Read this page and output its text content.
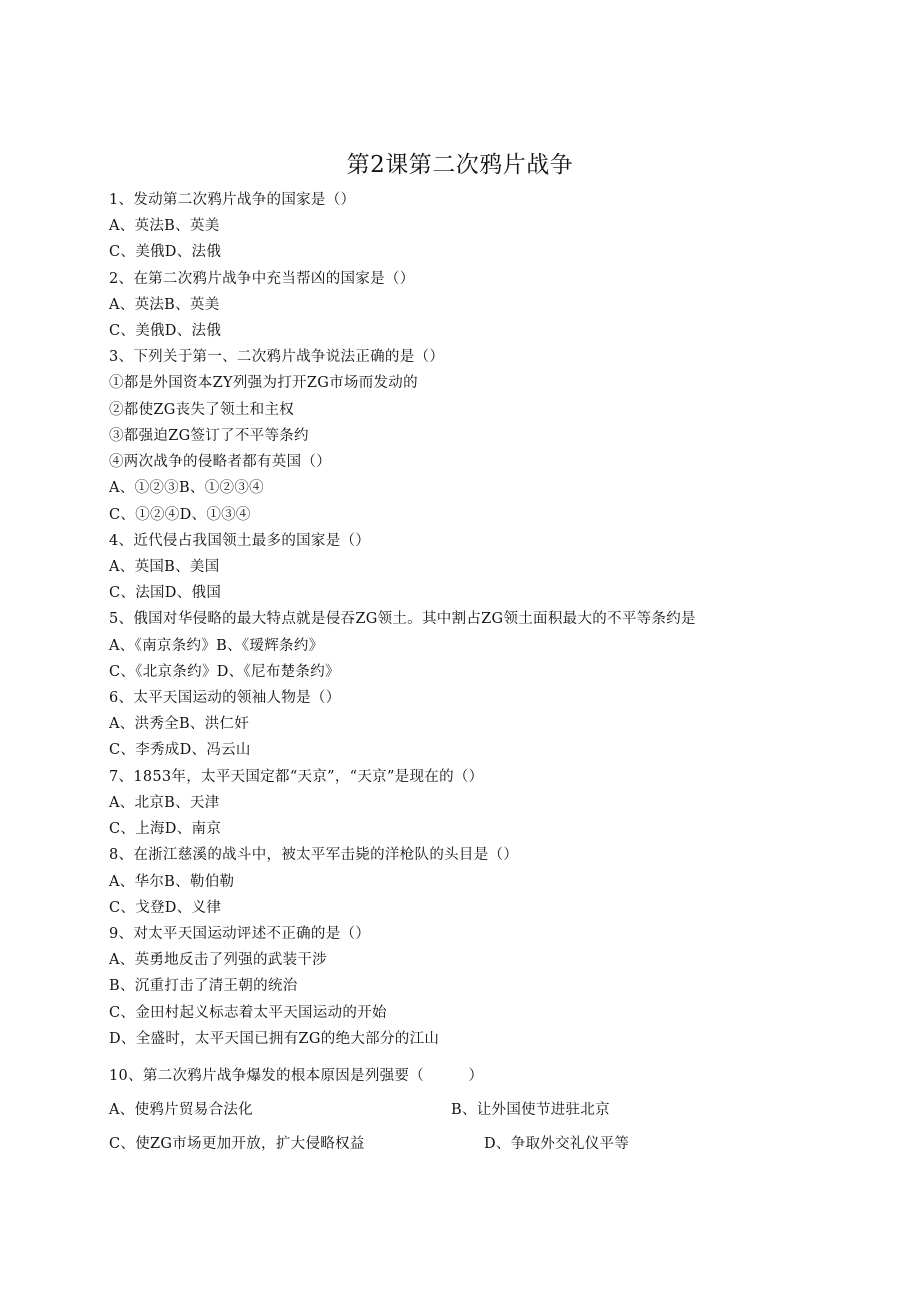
第2课第二次鸦片战争
1、发动第二次鸦片战争的国家是（）
A、英法B、英美
C、美俄D、法俄
2、在第二次鸦片战争中充当帮凶的国家是（）
A、英法B、英美
C、美俄D、法俄
3、下列关于第一、二次鸦片战争说法正确的是（）
①都是外国资本ZY列强为打开ZG市场而发动的
②都使ZG丧失了领土和主权
③都强迫ZG签订了不平等条约
④两次战争的侵略者都有英国（）
A、①②③B、①②③④
C、①②④D、①③④
4、近代侵占我国领土最多的国家是（）
A、英国B、美国
C、法国D、俄国
5、俄国对华侵略的最大特点就是侵吞ZG领土。其中割占ZG领土面积最大的不平等条约是
A、《南京条约》B、《瑷辉条约》
C、《北京条约》D、《尼布楚条约》
6、太平天国运动的领袖人物是（）
A、洪秀全B、洪仁奸
C、李秀成D、冯云山
7、1853年，太平天国定都“天京”，“天京”是现在的（）
A、北京B、天津
C、上海D、南京
8、在浙江慈溪的战斗中，被太平军击毙的洋枪队的头目是（）
A、华尔B、勒伯勒
C、戈登D、义律
9、对太平天国运动评述不正确的是（）
A、英勇地反击了列强的武装干涉
B、沉重打击了清王朝的统治
C、金田村起义标志着太平天国运动的开始
D、全盛时，太平天国已拥有ZG的绝大部分的江山
10、第二次鸦片战争爆发的根本原因是列强要（　　　）
A、使鸦片贸易合法化	B、让外国使节进驻北京
C、使ZG市场更加开放，扩大侵略权益	D、争取外交礼仪平等
